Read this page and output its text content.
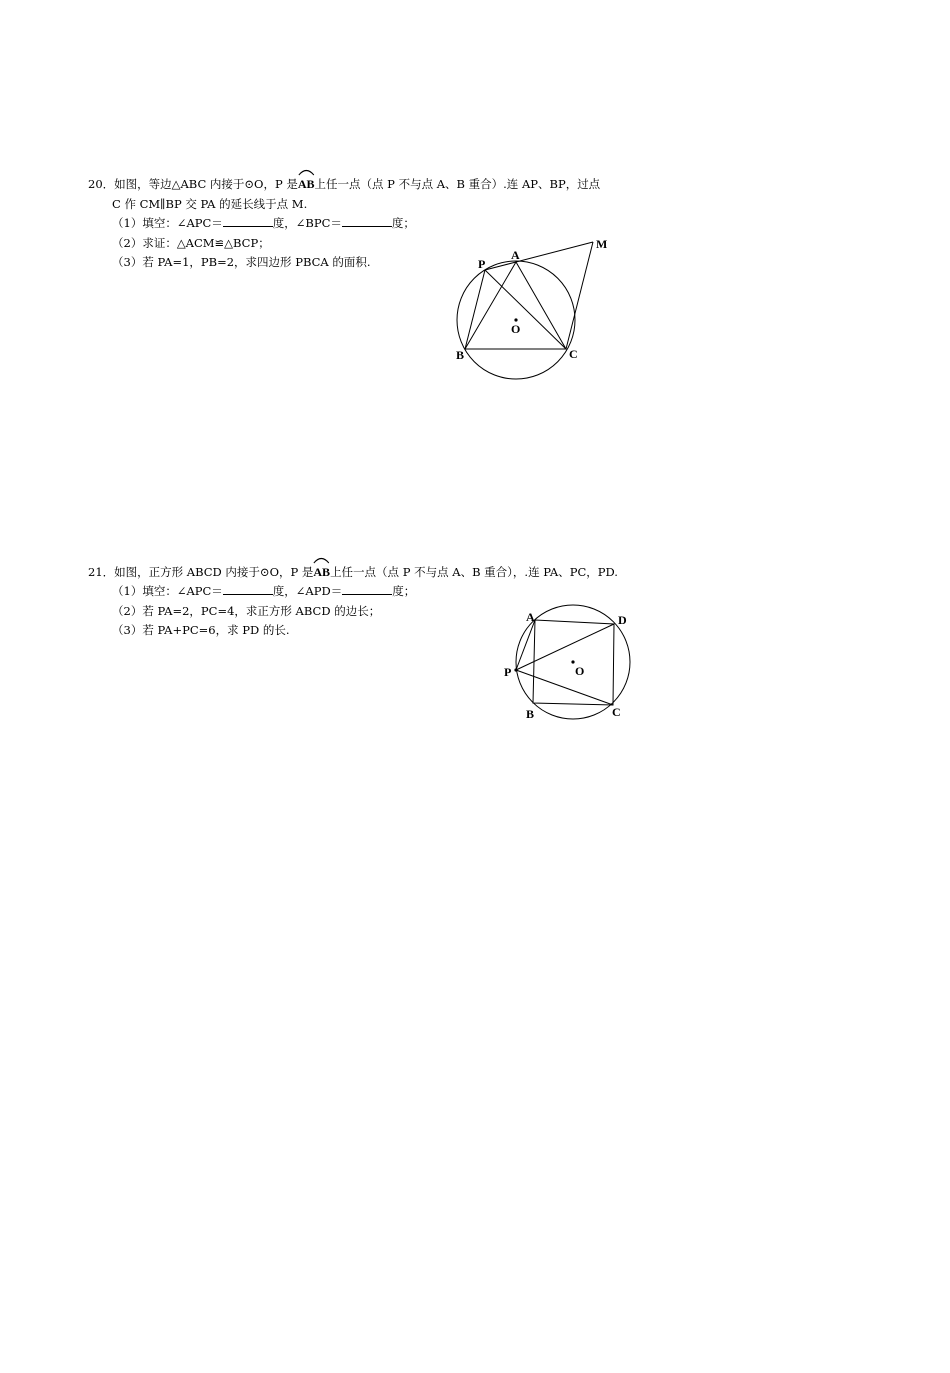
20．如图，等边△ABC 内接于⊙O，P 是
AB上任一点（点 P 不与点 A、B 重合）.连 AP、BP，过点
C 作 CM∥BP 交 PA 的延长线于点 M.
（1）填空：∠APC＝	度，∠BPC＝	度；
（2）求证：△ACM≌△BCP；
（3）若 PA=1，PB=2，求四边形 PBCA 的面积.	A
P
M
B	C
O
21．如图，正方形 ABCD 内接于⊙O，P 是
AB上任一点（点 P 不与点 A、B 重合），.连 PA、PC，PD.
（1）填空：∠APC＝	度，∠APD＝	度；
（2）若 PA=2，PC=4，求正方形 ABCD 的边长；
（3）若 PA+PC=6，求 PD 的长.
A	D
P	O
B	C
